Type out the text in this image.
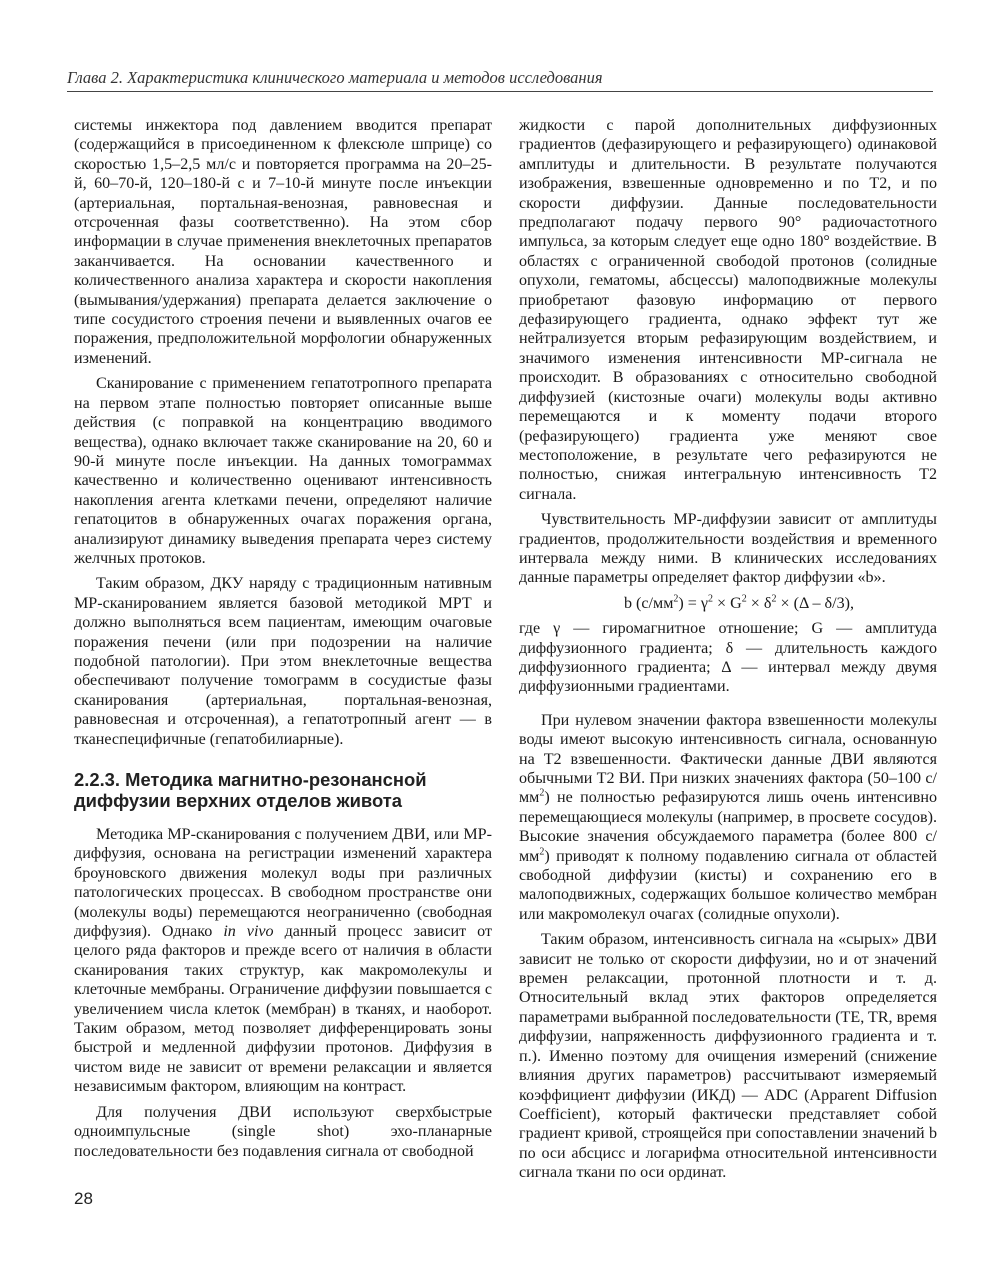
Глава 2. Характеристика клинического материала и методов исследования

системы инжектора под давлением вводится препарат (содержащийся в присоединенном к флексюле шприце) со скоростью 1,5–2,5 мл/с и повторяется программа на 20–25-й, 60–70-й, 120–180-й с и 7–10-й минуте после инъекции (артериальная, портальная-венозная, равновесная и отсроченная фазы соответственно). На этом сбор информации в случае применения внеклеточных препаратов заканчивается. На основании качественного и количественного анализа характера и скорости накопления (вымывания/удержания) препарата делается заключение о типе сосудистого строения печени и выявленных очагов ее поражения, предположительной морфологии обнаруженных изменений.

Сканирование с применением гепатотропного препарата на первом этапе полностью повторяет описанные выше действия (с поправкой на концентрацию вводимого вещества), однако включает также сканирование на 20, 60 и 90-й минуте после инъекции. На данных томограммах качественно и количественно оценивают интенсивность накопления агента клетками печени, определяют наличие гепатоцитов в обнаруженных очагах поражения органа, анализируют динамику выведения препарата через систему желчных протоков.

Таким образом, ДКУ наряду с традиционным нативным МР-сканированием является базовой методикой МРТ и должно выполняться всем пациентам, имеющим очаговые поражения печени (или при подозрении на наличие подобной патологии). При этом внеклеточные вещества обеспечивают получение томограмм в сосудистые фазы сканирования (артериальная, портальная-венозная, равновесная и отсроченная), а гепатотропный агент — в тканеспецифичные (гепатобилиарные).

2.2.3. Методика магнитно-резонансной диффузии верхних отделов живота

Методика МР-сканирования с получением ДВИ, или МР-диффузия, основана на регистрации изменений характера броуновского движения молекул воды при различных патологических процессах. В свободном пространстве они (молекулы воды) перемещаются неограниченно (свободная диффузия). Однако in vivo данный процесс зависит от целого ряда факторов и прежде всего от наличия в области сканирования таких структур, как макромолекулы и клеточные мембраны. Ограничение диффузии повышается с увеличением числа клеток (мембран) в тканях, и наоборот. Таким образом, метод позволяет дифференцировать зоны быстрой и медленной диффузии протонов. Диффузия в чистом виде не зависит от времени релаксации и является независимым фактором, влияющим на контраст.

Для получения ДВИ используют сверхбыстрые одноимпульсные (single shot) эхо-планарные последовательности без подавления сигнала от свободной

жидкости с парой дополнительных диффузионных градиентов (дефазирующего и рефазирующего) одинаковой амплитуды и длительности. В результате получаются изображения, взвешенные одновременно и по Т2, и по скорости диффузии. Данные последовательности предполагают подачу первого 90° радиочастотного импульса, за которым следует еще одно 180° воздействие. В областях с ограниченной свободой протонов (солидные опухоли, гематомы, абсцессы) малоподвижные молекулы приобретают фазовую информацию от первого дефазирующего градиента, однако эффект тут же нейтрализуется вторым рефазирующим воздействием, и значимого изменения интенсивности МР-сигнала не происходит. В образованиях с относительно свободной диффузией (кистозные очаги) молекулы воды активно перемещаются и к моменту подачи второго (рефазирующего) градиента уже меняют свое местоположение, в результате чего рефазируются не полностью, снижая интегральную интенсивность Т2 сигнала.

Чувствительность МР-диффузии зависит от амплитуды градиентов, продолжительности воздействия и временного интервала между ними. В клинических исследованиях данные параметры определяет фактор диффузии «b».

b $(с/мм^2) = \gamma^2 \times G^2 \times \delta^2 \times (\Delta - \delta/3)$,

где γ — гиромагнитное отношение; G — амплитуда диффузионного градиента; δ — длительность каждого диффузионного градиента; Δ — интервал между двумя диффузионными градиентами.

При нулевом значении фактора взвешенности молекулы воды имеют высокую интенсивность сигнала, основанную на Т2 взвешенности. Фактически данные ДВИ являются обычными Т2 ВИ. При низких значениях фактора (50–100 $с/мм^2$) не полностью рефазируются лишь очень интенсивно перемещающиеся молекулы (например, в просвете сосудов). Высокие значения обсуждаемого параметра (более 800 $с/мм^2$) приводят к полному подавлению сигнала от областей свободной диффузии (кисты) и сохранению его в малоподвижных, содержащих большое количество мембран или макромолекул очагах (солидные опухоли).

Таким образом, интенсивность сигнала на «сырых» ДВИ зависит не только от скорости диффузии, но и от значений времен релаксации, протонной плотности и т. д. Относительный вклад этих факторов определяется параметрами выбранной последовательности (TE, TR, время диффузии, напряженность диффузионного градиента и т. п.). Именно поэтому для очищения измерений (снижение влияния других параметров) рассчитывают измеряемый коэффициент диффузии (ИКД) — ADC (Apparent Diffusion Coefficient), который фактически представляет собой градиент кривой, строящейся при сопоставлении значений b по оси абсцисс и логарифма относительной интенсивности сигнала ткани по оси ординат.

28
